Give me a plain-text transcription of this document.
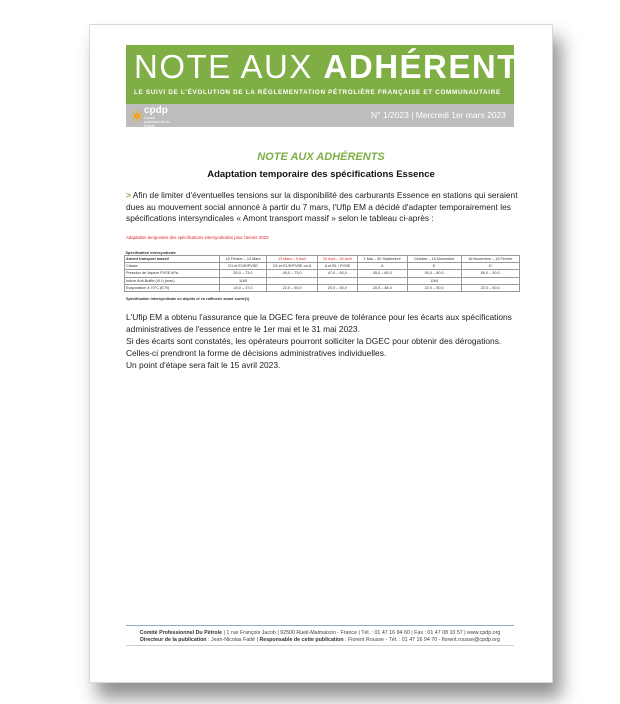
NOTE AUX ADHÉRENTS
LE SUIVI DE L'ÉVOLUTION DE LA RÉGLEMENTATION PÉTROLIÈRE FRANÇAISE ET COMMUNAUTAIRE
cpdp
Comité professionnel du pétrole
N° 1/2023 | Mercredi 1er mars 2023
NOTE AUX ADHÉRENTS
Adaptation temporaire des spécifications Essence
> Afin de limiter d'éventuelles tensions sur la disponibilité des carburants Essence en stations qui seraient dues au mouvement social annoncé à partir du 7 mars, l'Ufip EM a décidé d'adapter temporairement les spécifications intersyndicales « Amont transport massif » selon le tableau ci-après :
Adaptation temporaire des spécifications intersyndicales pour l'année 2023
Spécification intersyndicale						
Amont transport massif	16 Février – 12 Mars	13 Mars – 9 Avril	10 Avril – 30 Avril	1 Mai – 30 Septembre	Octobre – 15 Novembre	16 Novembre – 15 Février
Classe	D1 et E1/E/PVSE	D1 et E1/E/PVSE ou A	A et B1 / PVSE	A	E	D
Pression de Vapeur PVSE kPa	50,0 – 73,0	45,0 – 73,0	47,0 – 60,0	45,0 – 60,0	50,0 – 80,0	60,0 – 90,0
Indice Anti-Buffle (VLI) (max)	1160				1164	
Evaporation à 70°C (E70)	24,0 – 47,0	22,0 – 50,0	20,0 – 50,0	20,0 – 48,0	22,0 – 50,0	22,0 – 50,0
Spécification intersyndicale en dépôts et en raffinerie avant sortie(1)
L'Ufip EM a obtenu l'assurance que la DGEC fera preuve de tolérance pour les écarts aux spécifications administratives de l'essence entre le 1er mai et le 31 mai 2023.
Si des écarts sont constatés, les opérateurs pourront solliciter la DGEC pour obtenir des dérogations. Celles-ci prendront la forme de décisions administratives individuelles.
Un point d'étape sera fait le 15 avril 2023.
Comité Professionnel Du Pétrole | 1 rue François Jacob | 92500 Rueil-Malmaison - France | Tél. : 01 47 16 94 60 | Fax : 01 47 08 10 57 | www.cpdp.org
Directeur de la publication : Jean-Nicolas Fatté | Responsable de cette publication : Florent Rousse - Tél. : 01 47 16 94 70 - florent.rousse@cpdp.org
